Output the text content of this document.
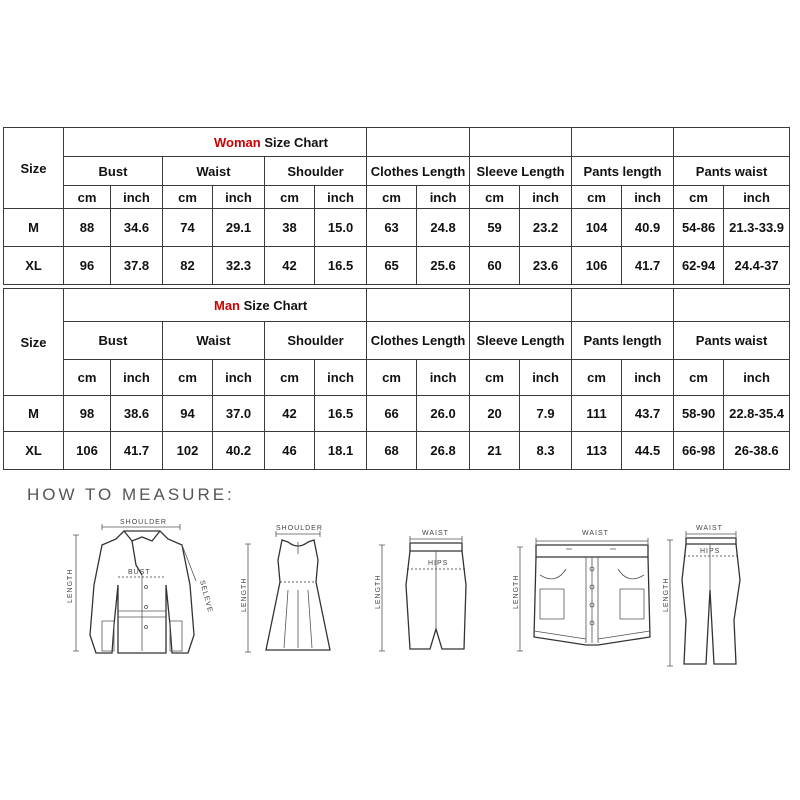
Size	Woman Size Chart													
	Bust		Waist		Shoulder		Clothes Length		Sleeve Length		Pants length		Pants waist	
	cm	inch	cm	inch	cm	inch	cm	inch	cm	inch	cm	inch	cm	inch
M	88	34.6	74	29.1	38	15.0	63	24.8	59	23.2	104	40.9	54-86	21.3-33.9
XL	96	37.8	82	32.3	42	16.5	65	25.6	60	23.6	106	41.7	62-94	24.4-37
Size	Man Size Chart													
	Bust		Waist		Shoulder		Clothes Length		Sleeve Length		Pants length		Pants waist	
	cm	inch	cm	inch	cm	inch	cm	inch	cm	inch	cm	inch	cm	inch
M	98	38.6	94	37.0	42	16.5	66	26.0	20	7.9	111	43.7	58-90	22.8-35.4
XL	106	41.7	102	40.2	46	18.1	68	26.8	21	8.3	113	44.5	66-98	26-38.6
HOW TO MEASURE:
SHOULDER
LENGTH	BUST
SELEVE
SHOULDER
LENGTH
WAIST
LENGTH
HIPS
WAIST
LENGTH
WAIST
LENGTH
HIPS
